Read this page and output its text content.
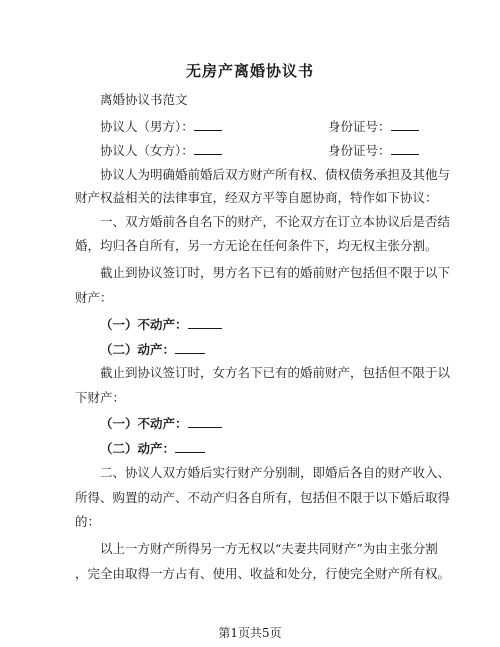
无房产离婚协议书
离婚协议书范文
协议人（男方）：	身份证号：
协议人（女方）：	身份证号：
协议人为明确婚前婚后双方财产所有权、债权债务承担及其他与
财产权益相关的法律事宜，经双方平等自愿协商，特作如下协议：
一、双方婚前各自名下的财产，不论双方在订立本协议后是否结
婚，均归各自所有，另一方无论在任何条件下，均无权主张分割。
截止到协议签订时，男方名下已有的婚前财产包括但不限于以下
财产：
（一）不动产：
（二）动产：
截止到协议签订时，女方名下已有的婚前财产，包括但不限于以
下财产：
（一）不动产：
（二）动产：
二、协议人双方婚后实行财产分别制，即婚后各自的财产收入、
所得、购置的动产、不动产归各自所有，包括但不限于以下婚后取得
的：
以上一方财产所得另一方无权以“夫妻共同财产”为由主张分割
，完全由取得一方占有、使用、收益和处分，行使完全财产所有权。
第1页共5页
